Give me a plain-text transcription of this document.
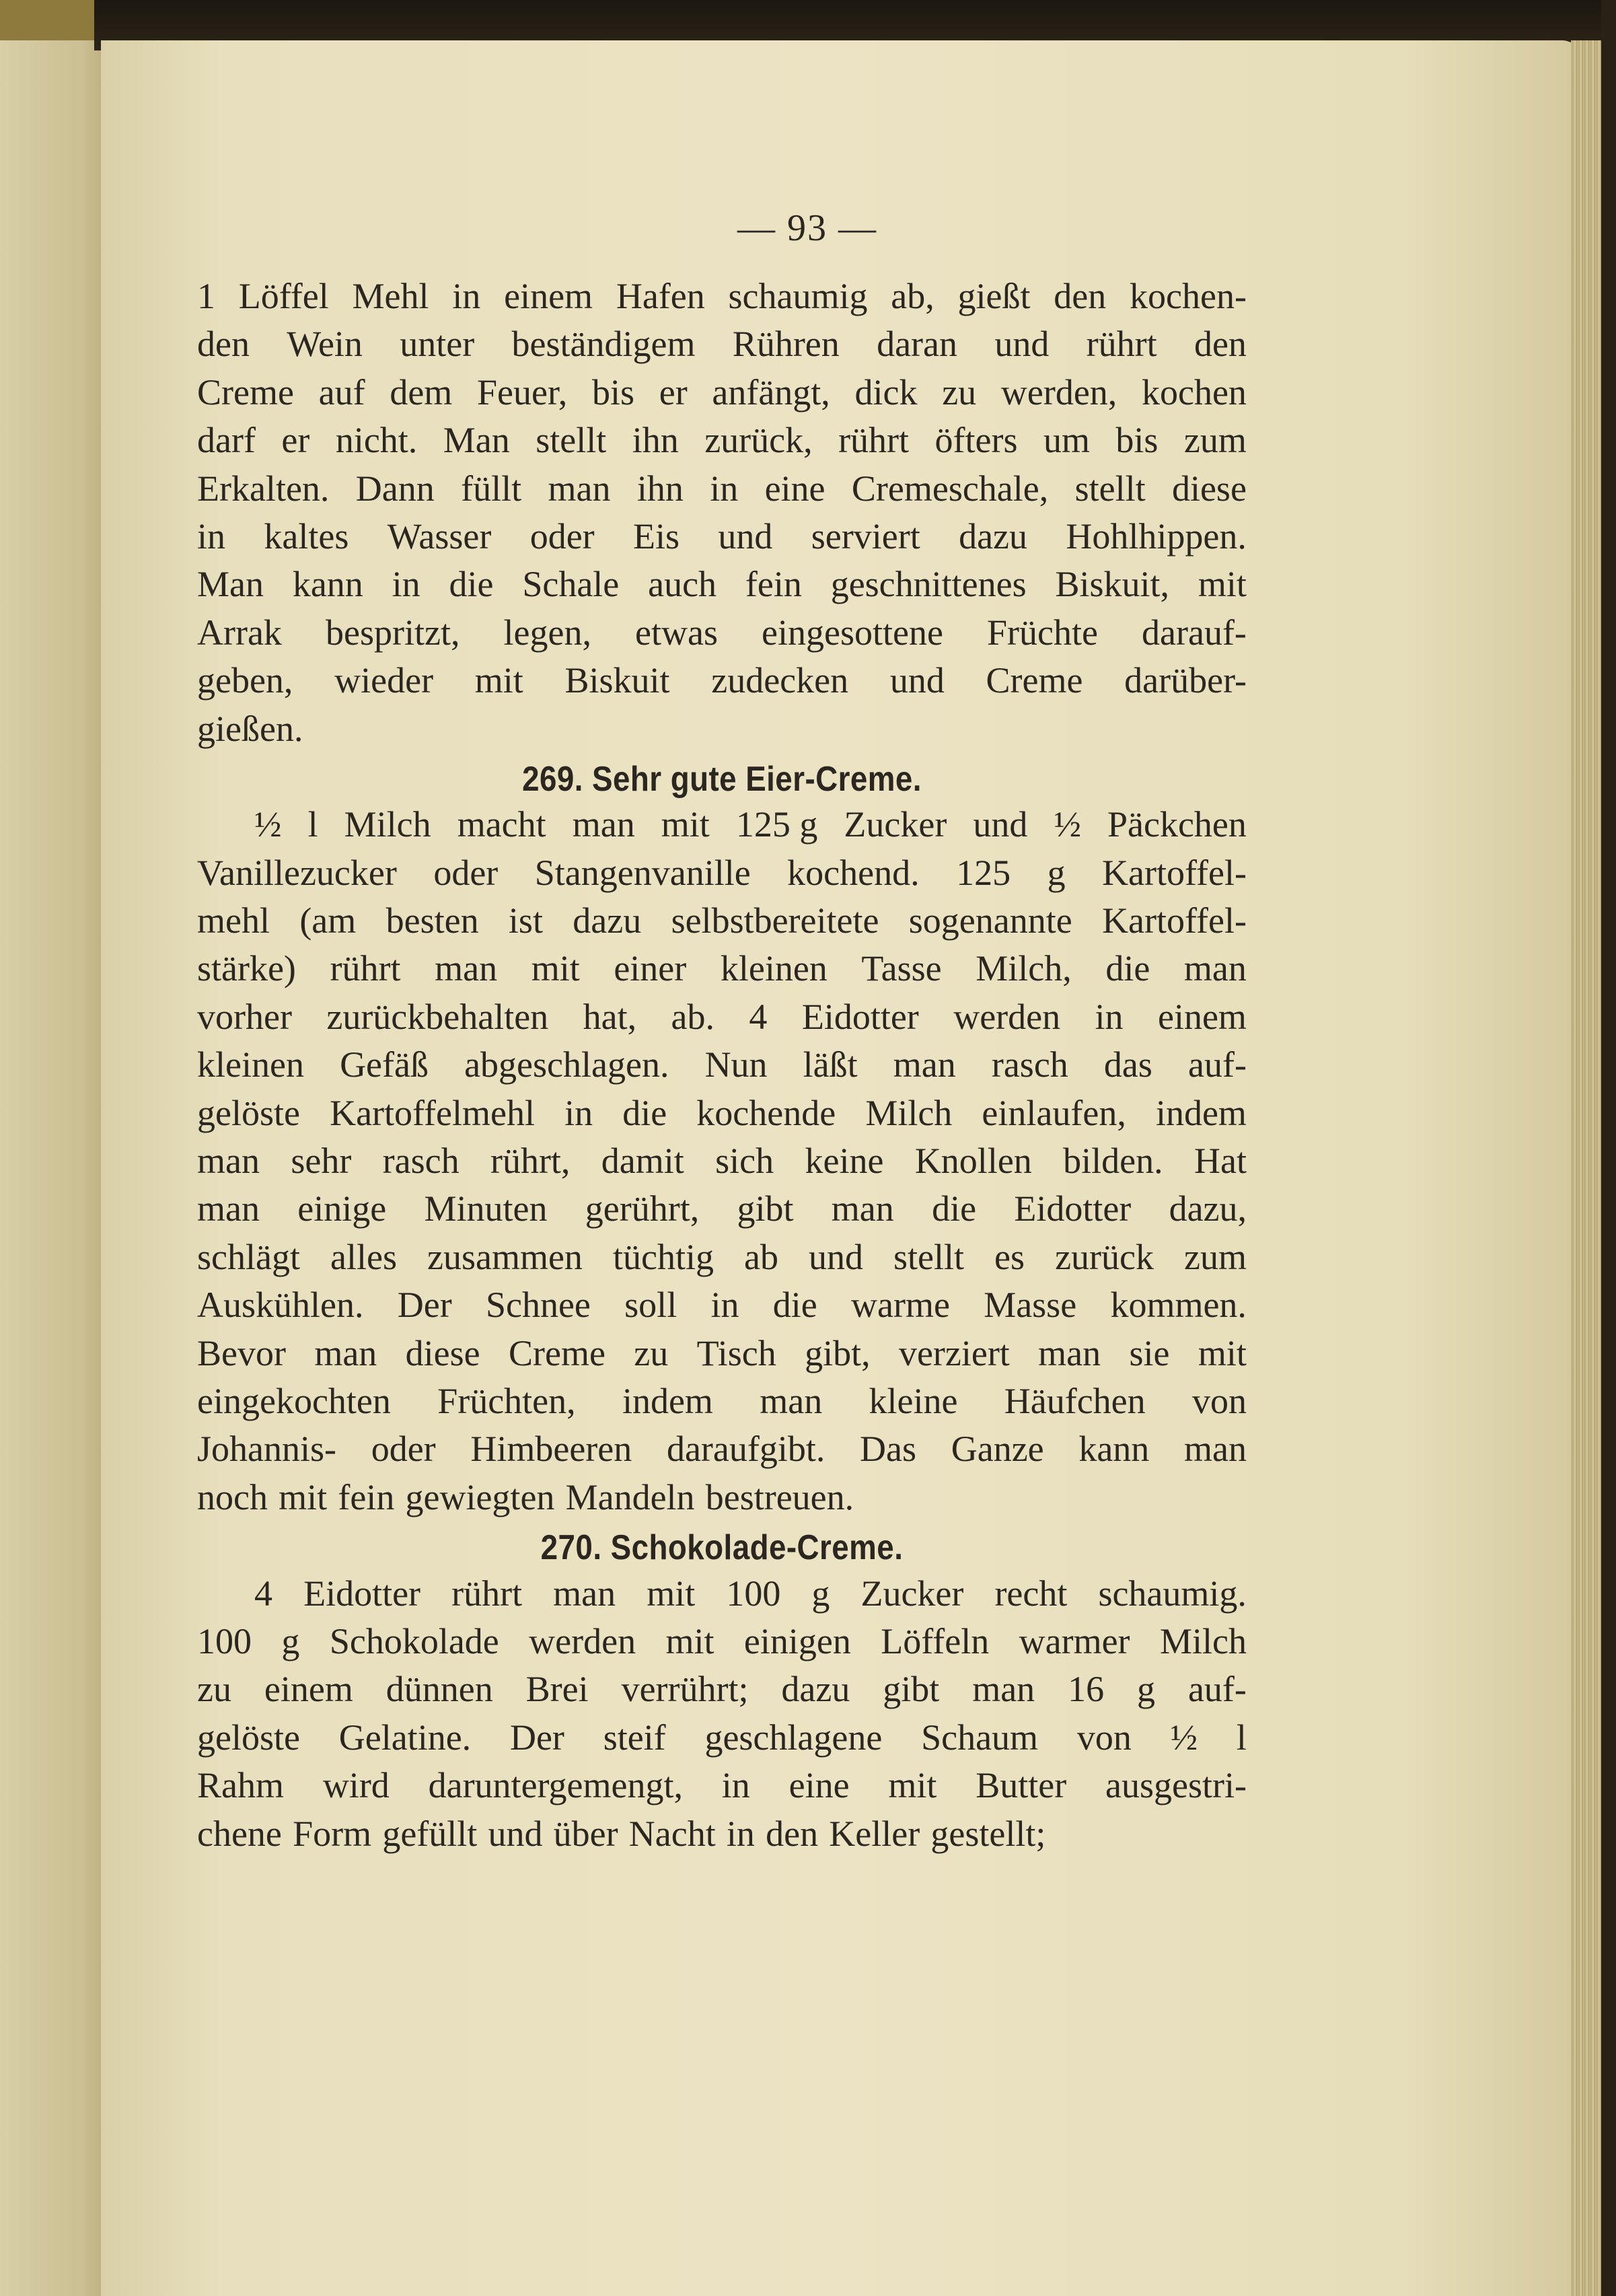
— 93 —
1 Löffel Mehl in einem Hafen schaumig ab, gießt den kochen-
den Wein unter beständigem Rühren daran und rührt den
Creme auf dem Feuer, bis er anfängt, dick zu werden, kochen
darf er nicht. Man stellt ihn zurück, rührt öfters um bis zum
Erkalten. Dann füllt man ihn in eine Cremeschale, stellt diese
in kaltes Wasser oder Eis und serviert dazu Hohlhippen.
Man kann in die Schale auch fein geschnittenes Biskuit, mit
Arrak bespritzt, legen, etwas eingesottene Früchte darauf-
geben, wieder mit Biskuit zudecken und Creme darüber-
gießen.
269. Sehr gute Eier-Creme.
½ l Milch macht man mit 125 g Zucker und ½ Päckchen
Vanillezucker oder Stangenvanille kochend. 125 g Kartoffel-
mehl (am besten ist dazu selbstbereitete sogenannte Kartoffel-
stärke) rührt man mit einer kleinen Tasse Milch, die man
vorher zurückbehalten hat, ab. 4 Eidotter werden in einem
kleinen Gefäß abgeschlagen. Nun läßt man rasch das auf-
gelöste Kartoffelmehl in die kochende Milch einlaufen, indem
man sehr rasch rührt, damit sich keine Knollen bilden. Hat
man einige Minuten gerührt, gibt man die Eidotter dazu,
schlägt alles zusammen tüchtig ab und stellt es zurück zum
Auskühlen. Der Schnee soll in die warme Masse kommen.
Bevor man diese Creme zu Tisch gibt, verziert man sie mit
eingekochten Früchten, indem man kleine Häufchen von
Johannis- oder Himbeeren daraufgibt. Das Ganze kann man
noch mit fein gewiegten Mandeln bestreuen.
270. Schokolade-Creme.
4 Eidotter rührt man mit 100 g Zucker recht schaumig.
100 g Schokolade werden mit einigen Löffeln warmer Milch
zu einem dünnen Brei verrührt; dazu gibt man 16 g auf-
gelöste Gelatine. Der steif geschlagene Schaum von ½ l
Rahm wird daruntergemengt, in eine mit Butter ausgestri-
chene Form gefüllt und über Nacht in den Keller gestellt;
